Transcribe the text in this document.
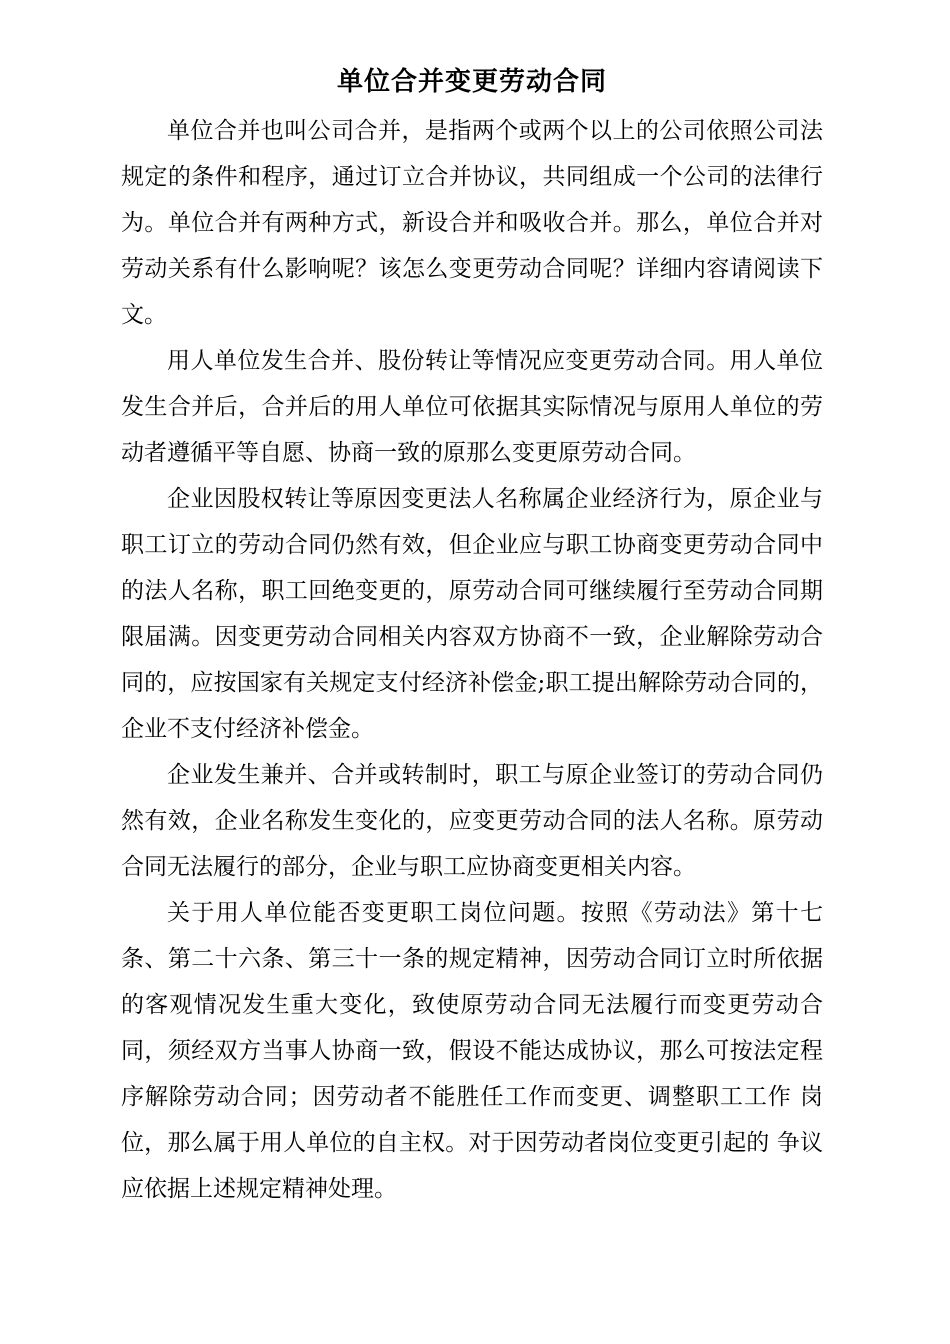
单位合并变更劳动合同

单位合并也叫公司合并，是指两个或两个以上的公司依照公司法规定的条件和程序，通过订立合并协议，共同组成一个公司的法律行为。单位合并有两种方式，新设合并和吸收合并。那么，单位合并对劳动关系有什么影响呢？该怎么变更劳动合同呢？详细内容请阅读下文。

用人单位发生合并、股份转让等情况应变更劳动合同。用人单位发生合并后，合并后的用人单位可依据其实际情况与原用人单位的劳动者遵循平等自愿、协商一致的原那么变更原劳动合同。

企业因股权转让等原因变更法人名称属企业经济行为，原企业与职工订立的劳动合同仍然有效，但企业应与职工协商变更劳动合同中的法人名称，职工回绝变更的，原劳动合同可继续履行至劳动合同期限届满。因变更劳动合同相关内容双方协商不一致，企业解除劳动合同的，应按国家有关规定支付经济补偿金;职工提出解除劳动合同的，企业不支付经济补偿金。

企业发生兼并、合并或转制时，职工与原企业签订的劳动合同仍然有效，企业名称发生变化的，应变更劳动合同的法人名称。原劳动合同无法履行的部分，企业与职工应协商变更相关内容。

关于用人单位能否变更职工岗位问题。按照《劳动法》第十七条、第二十六条、第三十一条的规定精神，因劳动合同订立时所依据的客观情况发生重大变化，致使原劳动合同无法履行而变更劳动合同，须经双方当事人协商一致，假设不能达成协议，那么可按法定程序解除劳动合同；因劳动者不能胜任工作而变更、调整职工工作 岗位，那么属于用人单位的自主权。对于因劳动者岗位变更引起的 争议应依据上述规定精神处理。
